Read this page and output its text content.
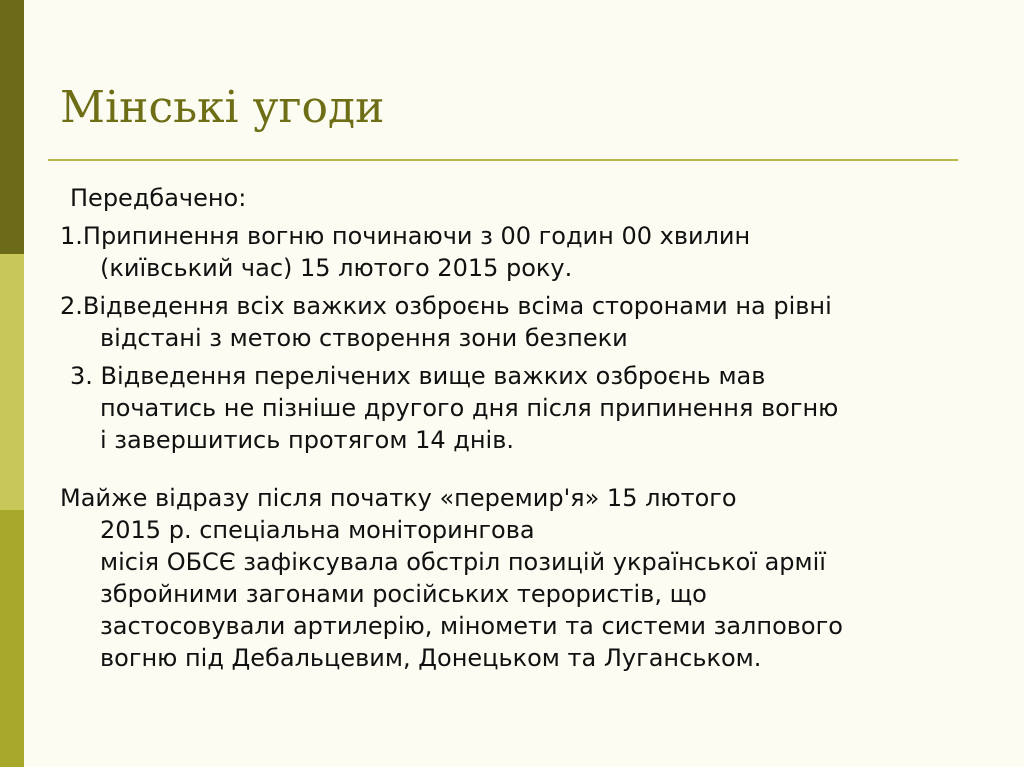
Мінські угоди

Передбачено:

1.Припинення вогню починаючи з 00 годин 00 хвилин
(київський час) 15 лютого 2015 року.

2.Відведення всіх важких озброєнь всіма сторонами на рівні
відстані з метою створення зони безпеки

3. Відведення перелічених вище важких озброєнь мав
початись не пізніше другого дня після припинення вогню
і завершитись протягом 14 днів.

Майже відразу після початку «перемир'я» 15 лютого
2015 р. спеціальна моніторингова
місія ОБСЄ зафіксувала обстріл позицій української армії
збройними загонами російських терористів, що
застосовували артилерію, міномети та системи залпового
вогню під Дебальцевим, Донецьком та Луганськом.
